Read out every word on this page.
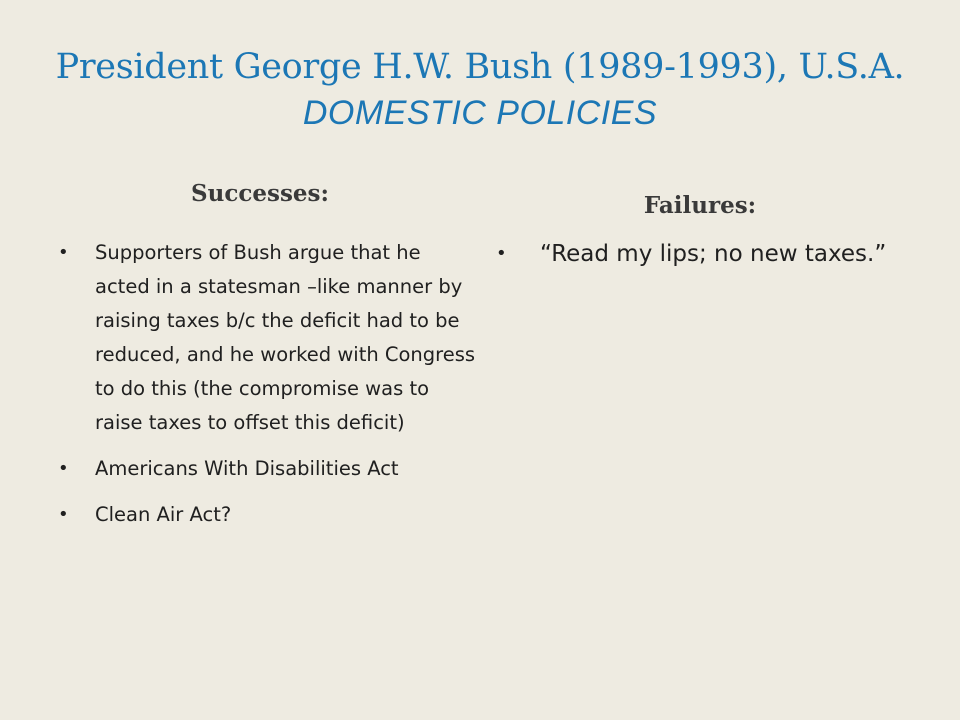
President George H.W. Bush (1989-1993), U.S.A.
DOMESTIC POLICIES
Successes:
• Supporters of Bush argue that he acted in a statesman –like manner by raising taxes b/c the deficit had to be reduced, and he worked with Congress to do this (the compromise was to raise taxes to offset this deficit)
• Americans With Disabilities Act
• Clean Air Act?
Failures:
• “Read my lips; no new taxes.”
